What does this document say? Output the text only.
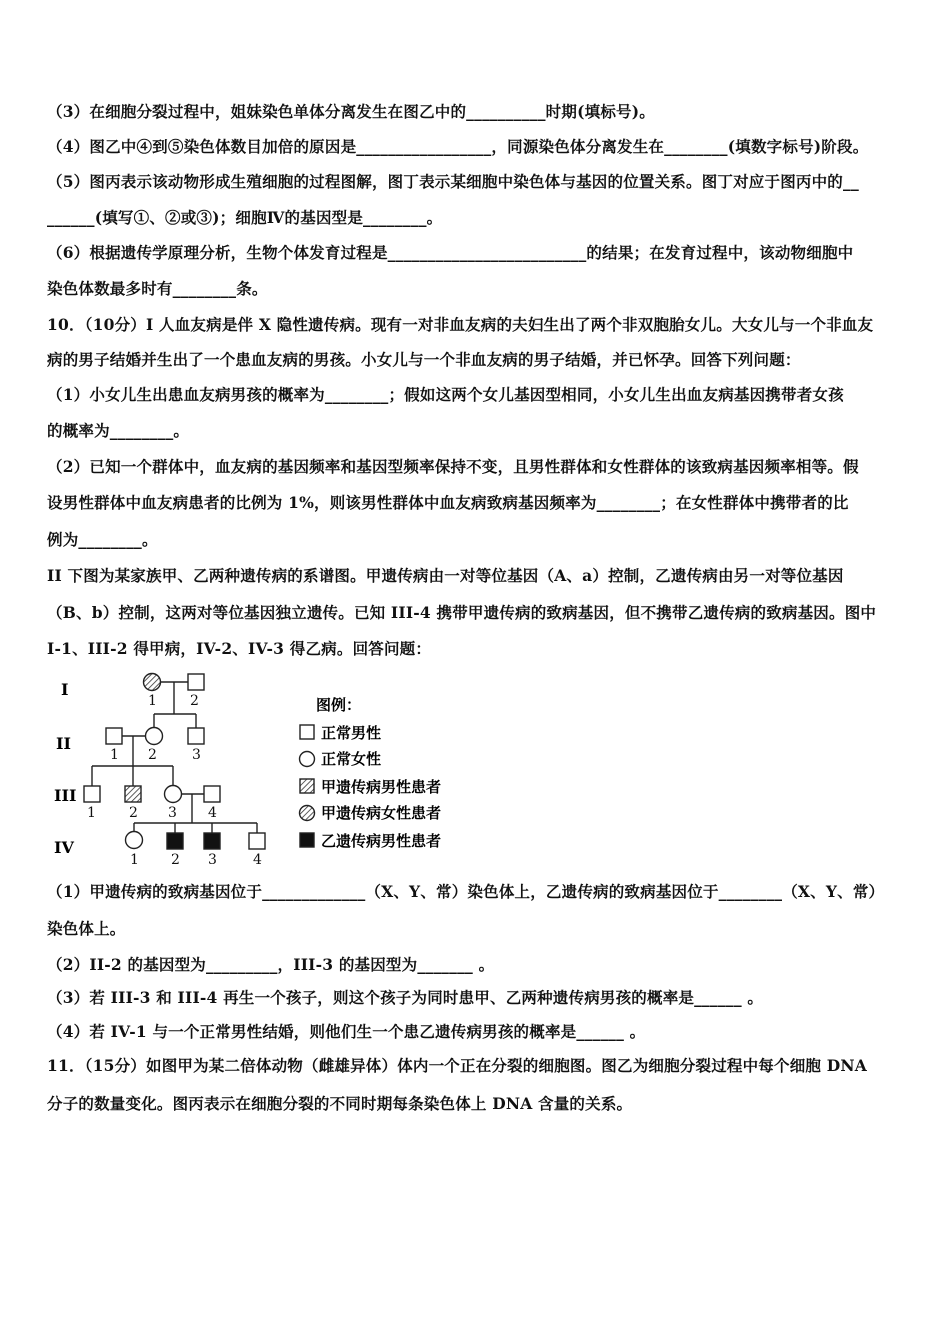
（3）在细胞分裂过程中，姐妹染色单体分离发生在图乙中的__________时期(填标号)。
（4）图乙中④到⑤染色体数目加倍的原因是_________________，同源染色体分离发生在________(填数字标号)阶段。
（5）图丙表示该动物形成生殖细胞的过程图解，图丁表示某细胞中染色体与基因的位置关系。图丁对应于图丙中的__
______(填写①、②或③)；细胞Ⅳ的基因型是________。
（6）根据遗传学原理分析，生物个体发育过程是_________________________的结果；在发育过程中，该动物细胞中
染色体数最多时有________条。
10．（10分）I 人血友病是伴 X 隐性遗传病。现有一对非血友病的夫妇生出了两个非双胞胎女儿。大女儿与一个非血友
病的男子结婚并生出了一个患血友病的男孩。小女儿与一个非血友病的男子结婚，并已怀孕。回答下列问题：
（1）小女儿生出患血友病男孩的概率为________；假如这两个女儿基因型相同，小女儿生出血友病基因携带者女孩
的概率为________。
（2）已知一个群体中，血友病的基因频率和基因型频率保持不变，且男性群体和女性群体的该致病基因频率相等。假
设男性群体中血友病患者的比例为 1%，则该男性群体中血友病致病基因频率为________；在女性群体中携带者的比
例为________。
II 下图为某家族甲、乙两种遗传病的系谱图。甲遗传病由一对等位基因（A、a）控制，乙遗传病由另一对等位基因
（B、b）控制，这两对等位基因独立遗传。已知 III-4 携带甲遗传病的致病基因，但不携带乙遗传病的致病基因。图中
I-1、III-2 得甲病，IV-2、IV-3 得乙病。回答问题：
I
II
III
IV
1 2
1 2	3
1 2 3 4
1 2 3	4
图例：
正常男性
正常女性
甲遗传病男性患者
甲遗传病女性患者
乙遗传病男性患者
（1）甲遗传病的致病基因位于_____________（X、Y、常）染色体上，乙遗传病的致病基因位于________（X、Y、常）
染色体上。
（2）II-2 的基因型为_________，III-3 的基因型为_______ 。
（3）若 III-3 和 III-4 再生一个孩子，则这个孩子为同时患甲、乙两种遗传病男孩的概率是______ 。
（4）若 IV-1 与一个正常男性结婚，则他们生一个患乙遗传病男孩的概率是______ 。
11．（15分）如图甲为某二倍体动物（雌雄异体）体内一个正在分裂的细胞图。图乙为细胞分裂过程中每个细胞 DNA
分子的数量变化。图丙表示在细胞分裂的不同时期每条染色体上 DNA 含量的关系。
